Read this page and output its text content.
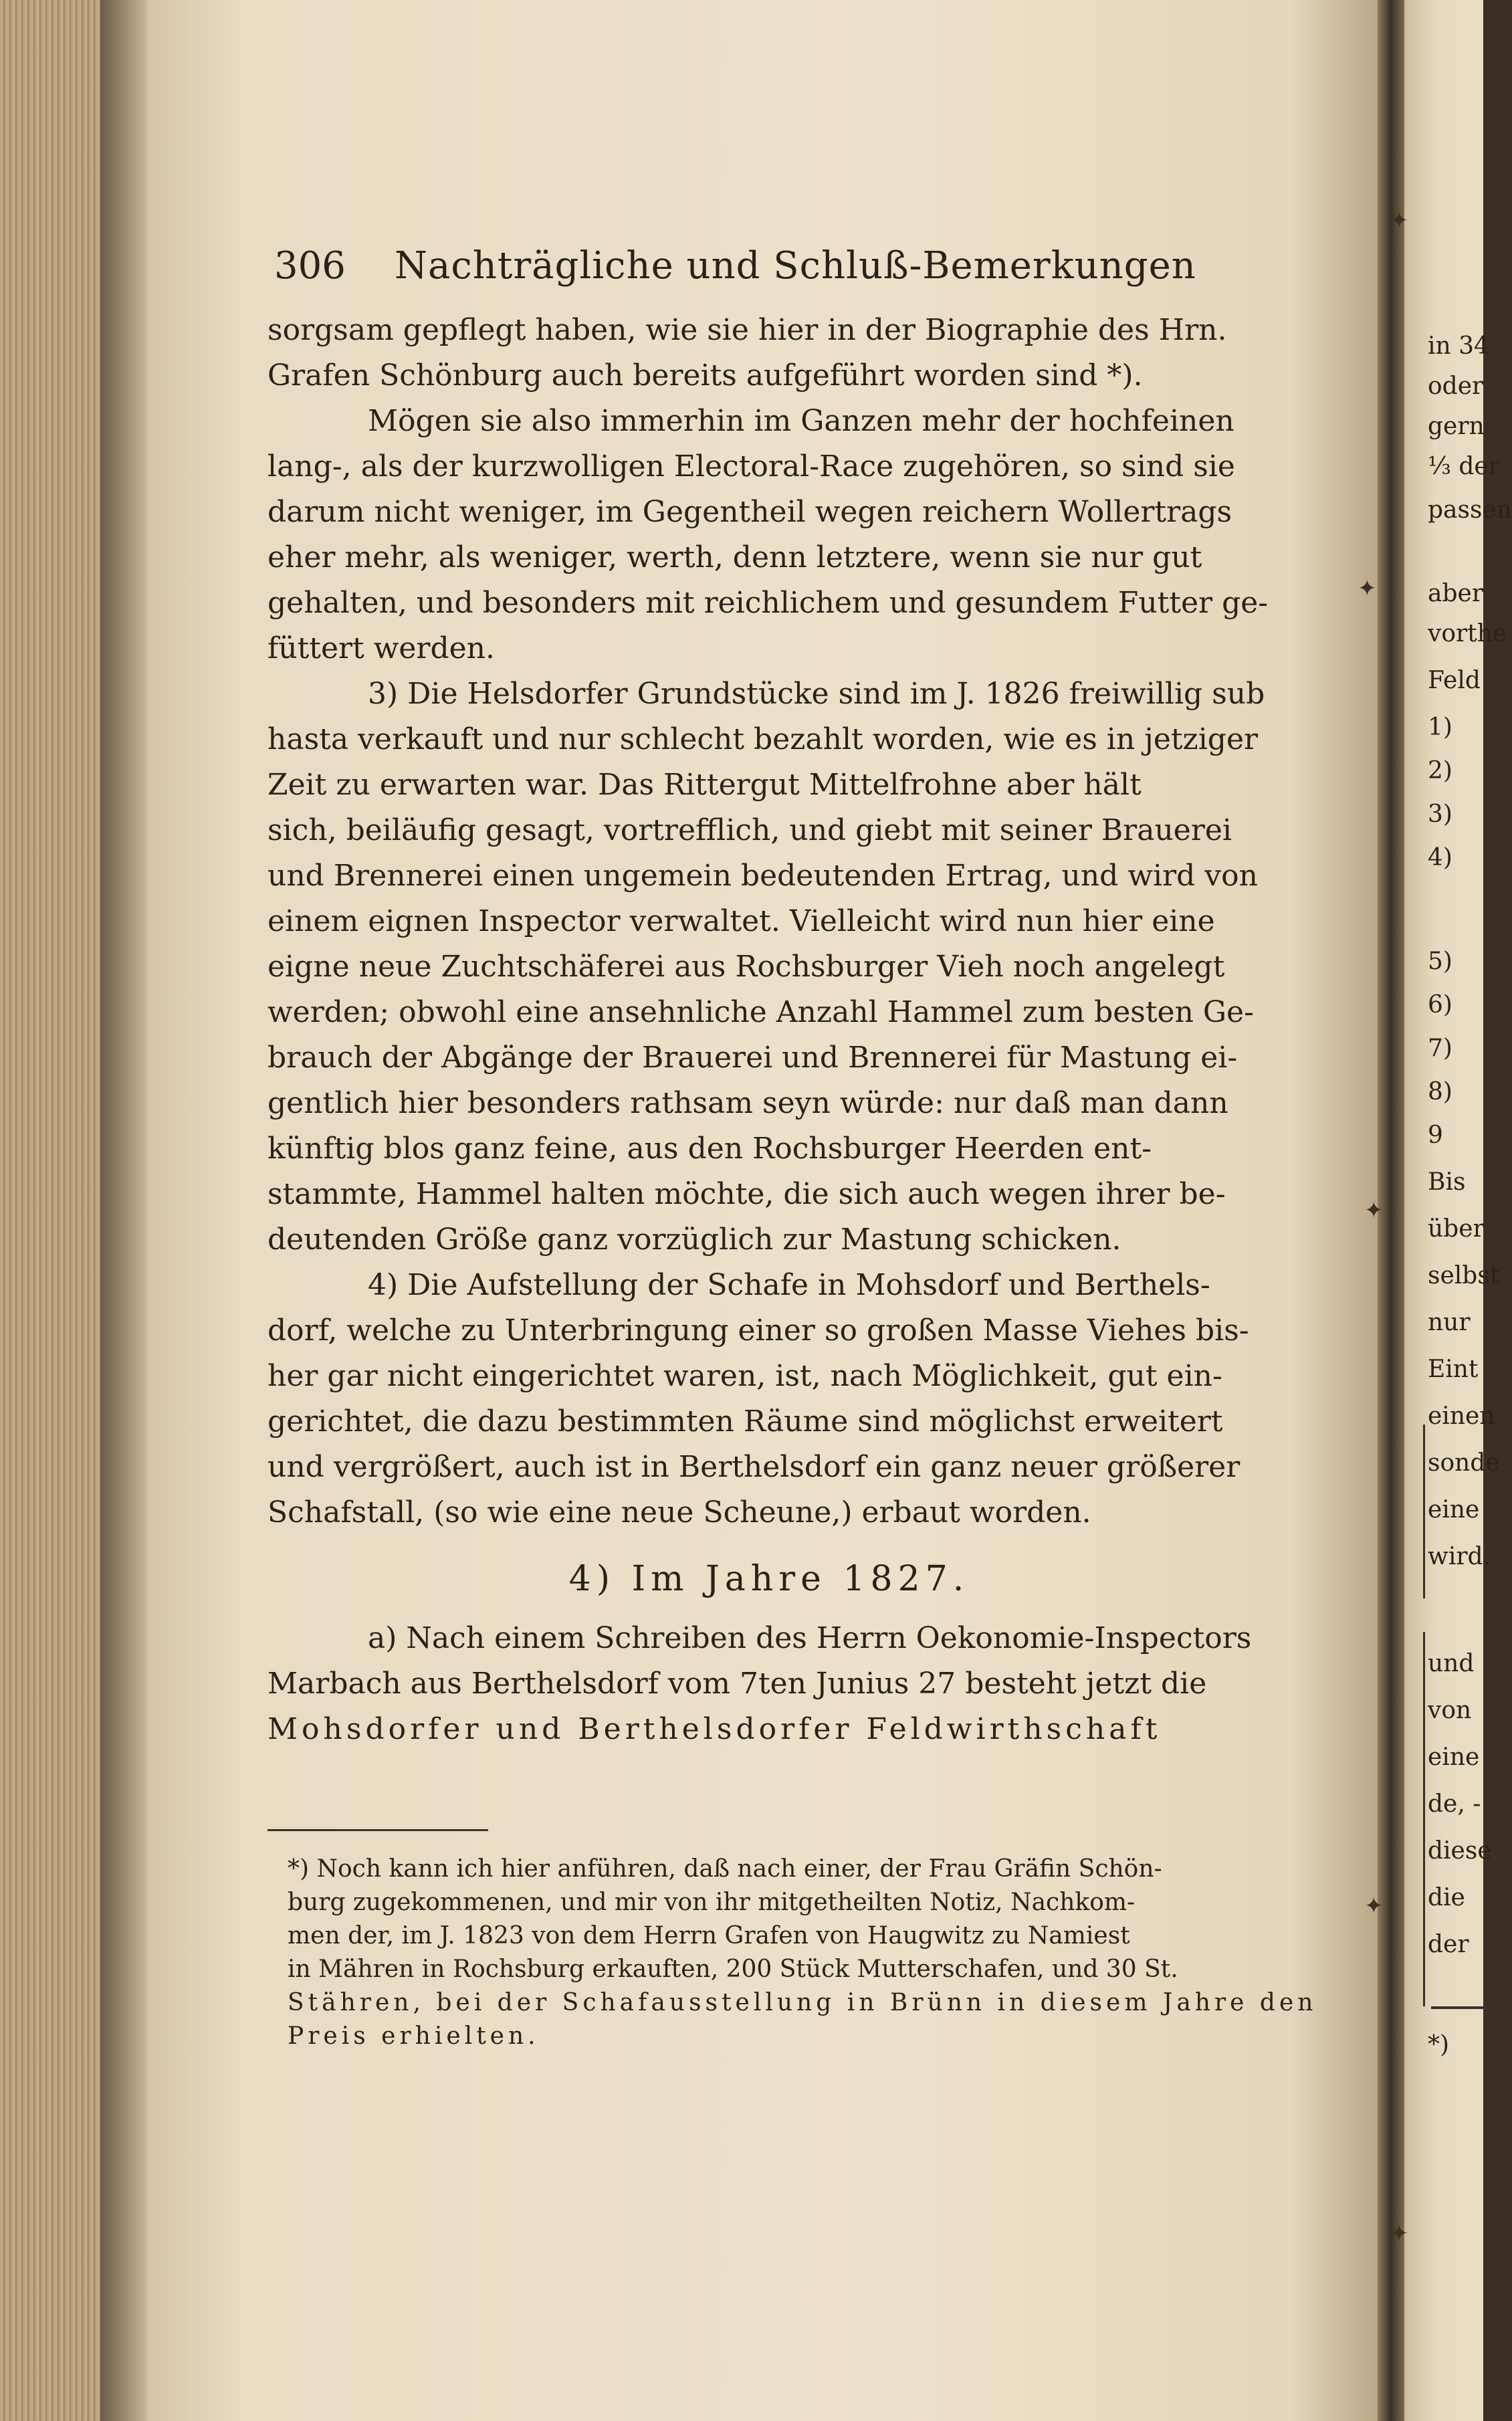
306 Nachträgliche und Schluß-Bemerkungen
sorgsam gepflegt haben, wie sie hier in der Biographie des Hrn.
Grafen Schönburg auch bereits aufgeführt worden sind *).
Mögen sie also immerhin im Ganzen mehr der hochfeinen
lang-, als der kurzwolligen Electoral-Race zugehören, so sind sie
darum nicht weniger, im Gegentheil wegen reichern Wollertrags
eher mehr, als weniger, werth, denn letztere, wenn sie nur gut
gehalten, und besonders mit reichlichem und gesundem Futter ge-
füttert werden.
3) Die Helsdorfer Grundstücke sind im J. 1826 freiwillig sub
hasta verkauft und nur schlecht bezahlt worden, wie es in jetziger
Zeit zu erwarten war. Das Rittergut Mittelfrohne aber hält
sich, beiläufig gesagt, vortrefflich, und giebt mit seiner Brauerei
und Brennerei einen ungemein bedeutenden Ertrag, und wird von
einem eignen Inspector verwaltet. Vielleicht wird nun hier eine
eigne neue Zuchtschäferei aus Rochsburger Vieh noch angelegt
werden; obwohl eine ansehnliche Anzahl Hammel zum besten Ge-
brauch der Abgänge der Brauerei und Brennerei für Mastung ei-
gentlich hier besonders rathsam seyn würde: nur daß man dann
künftig blos ganz feine, aus den Rochsburger Heerden ent-
stammte, Hammel halten möchte, die sich auch wegen ihrer be-
deutenden Größe ganz vorzüglich zur Mastung schicken.
4) Die Aufstellung der Schafe in Mohsdorf und Berthels-
dorf, welche zu Unterbringung einer so großen Masse Viehes bis-
her gar nicht eingerichtet waren, ist, nach Möglichkeit, gut ein-
gerichtet, die dazu bestimmten Räume sind möglichst erweitert
und vergrößert, auch ist in Berthelsdorf ein ganz neuer größerer
Schafstall, (so wie eine neue Scheune,) erbaut worden.
4) Im Jahre 1827.
a) Nach einem Schreiben des Herrn Oekonomie-Inspectors
Marbach aus Berthelsdorf vom 7ten Junius 27 besteht jetzt die
Mohsdorfer und Berthelsdorfer Feldwirthschaft
*) Noch kann ich hier anführen, daß nach einer, der Frau Gräfin Schön-
burg zugekommenen, und mir von ihr mitgetheilten Notiz, Nachkom-
men der, im J. 1823 von dem Herrn Grafen von Haugwitz zu Namiest
in Mähren in Rochsburg erkauften, 200 Stück Mutterschafen, und 30 St.
Stähren, bei der Schafausstellung in Brünn in diesem Jahre den
Preis erhielten.
in 34
oder
gern
⅓ der
passen
aber
vorthe
Feld
1)
2)
3)
4)
5)
6)
7)
8)
9
Bis
über
selbst
nur
Eint
einen
sonde
eine
wird.
und
von
eine
de, -
diese
die
der
*)
✦
✦
✦
✦
✦
